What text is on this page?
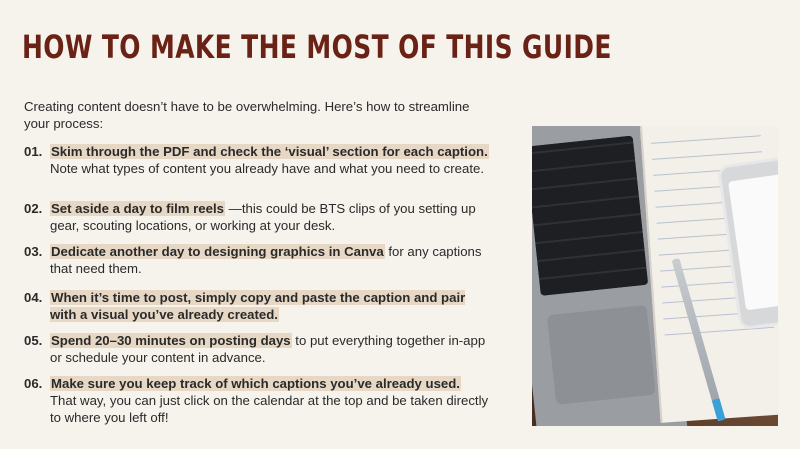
HOW TO MAKE THE MOST OF THIS GUIDE

Creating content doesn’t have to be overwhelming. Here’s how to streamline your process:

01. Skim through the PDF and check the ‘visual’ section for each caption. Note what types of content you already have and what you need to create.
02. Set aside a day to film reels —this could be BTS clips of you setting up gear, scouting locations, or working at your desk.
03. Dedicate another day to designing graphics in Canva for any captions that need them.
04. When it’s time to post, simply copy and paste the caption and pair with a visual you’ve already created.
05. Spend 20–30 minutes on posting days to put everything together in-app or schedule your content in advance.
06. Make sure you keep track of which captions you’ve already used. That way, you can just click on the calendar at the top and be taken directly to where you left off!
